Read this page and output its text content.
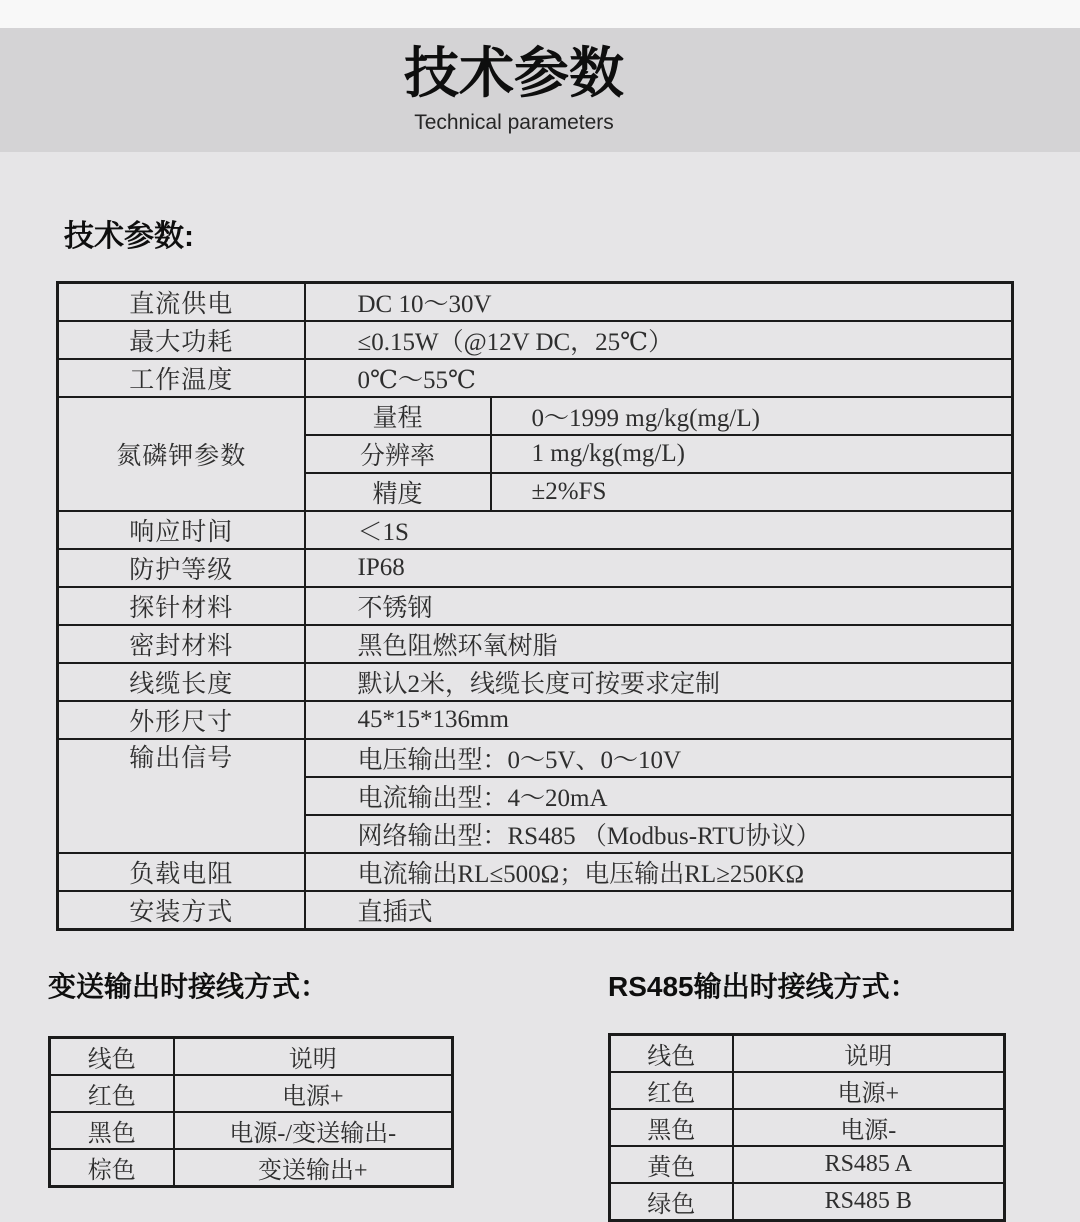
技术参数
Technical parameters
技术参数:
直流供电	DC 10～30V	
最大功耗	≤0.15W（@12V DC，25℃）	
工作温度	0℃～55℃	
氮磷钾参数	量程	0～1999 mg/kg(mg/L)
	分辨率	1 mg/kg(mg/L)
	精度	±2%FS
响应时间	＜1S	
防护等级	IP68	
探针材料	不锈钢	
密封材料	黑色阻燃环氧树脂	
线缆长度	默认2米，线缆长度可按要求定制	
外形尺寸	45*15*136mm	
输出信号	电压输出型：0～5V、0～10V	
	电流输出型：4～20mA	
	网络输出型：RS485 （Modbus-RTU协议）	
负载电阻	电流输出RL≤500Ω；电压输出RL≥250KΩ	
安装方式	直插式	
变送输出时接线方式：
线色	说明
红色	电源+
黑色	电源-/变送输出-
棕色	变送输出+
RS485输出时接线方式：
线色	说明
红色	电源+
黑色	电源-
黄色	RS485 A
绿色	RS485 B
